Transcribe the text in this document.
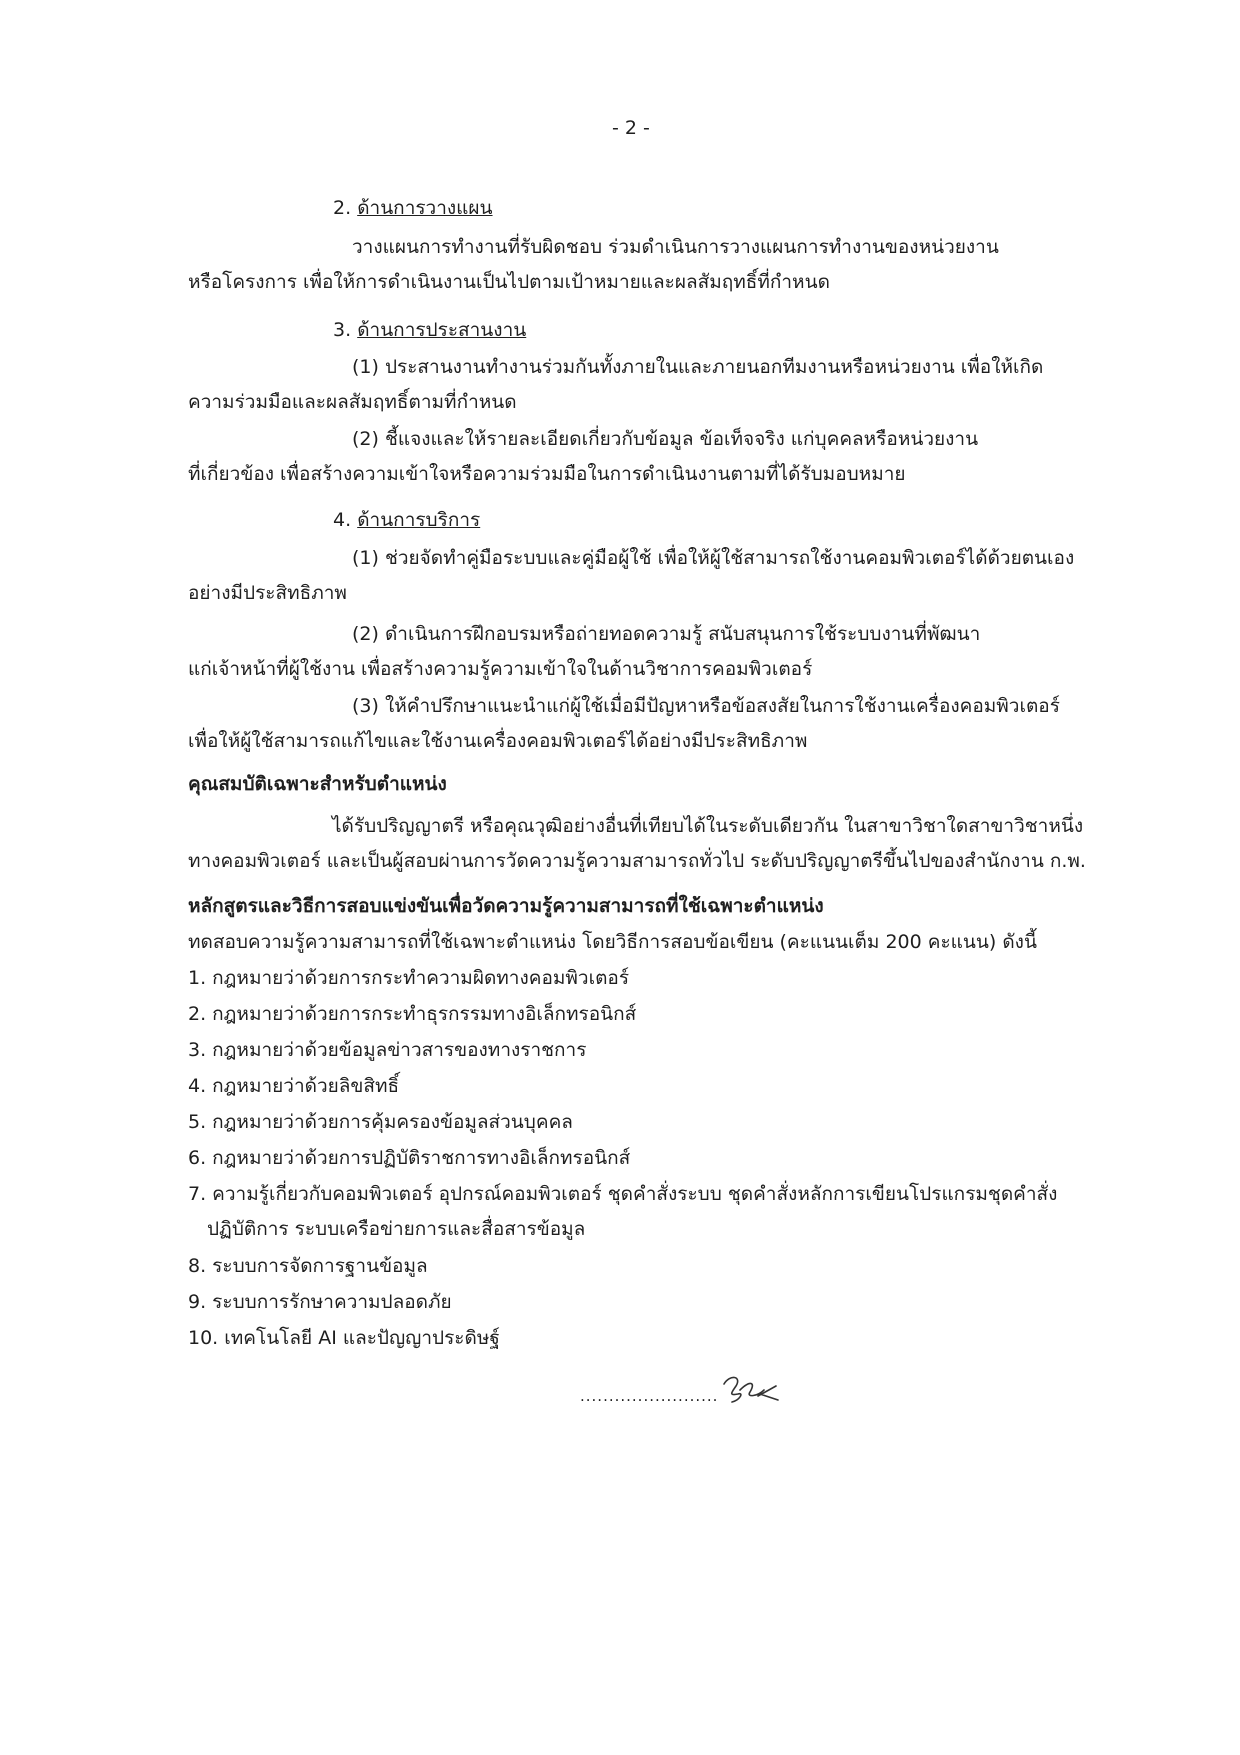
- 2 -
2. ด้านการวางแผน
วางแผนการทำงานที่รับผิดชอบ ร่วมดำเนินการวางแผนการทำงานของหน่วยงาน
หรือโครงการ เพื่อให้การดำเนินงานเป็นไปตามเป้าหมายและผลสัมฤทธิ์ที่กำหนด
3. ด้านการประสานงาน
(1) ประสานงานทำงานร่วมกันทั้งภายในและภายนอกทีมงานหรือหน่วยงาน เพื่อให้เกิด
ความร่วมมือและผลสัมฤทธิ์ตามที่กำหนด
(2) ชี้แจงและให้รายละเอียดเกี่ยวกับข้อมูล ข้อเท็จจริง แก่บุคคลหรือหน่วยงาน
ที่เกี่ยวข้อง เพื่อสร้างความเข้าใจหรือความร่วมมือในการดำเนินงานตามที่ได้รับมอบหมาย
4. ด้านการบริการ
(1) ช่วยจัดทำคู่มือระบบและคู่มือผู้ใช้ เพื่อให้ผู้ใช้สามารถใช้งานคอมพิวเตอร์ได้ด้วยตนเอง
อย่างมีประสิทธิภาพ
(2) ดำเนินการฝึกอบรมหรือถ่ายทอดความรู้ สนับสนุนการใช้ระบบงานที่พัฒนา
แก่เจ้าหน้าที่ผู้ใช้งาน เพื่อสร้างความรู้ความเข้าใจในด้านวิชาการคอมพิวเตอร์
(3) ให้คำปรึกษาแนะนำแก่ผู้ใช้เมื่อมีปัญหาหรือข้อสงสัยในการใช้งานเครื่องคอมพิวเตอร์
เพื่อให้ผู้ใช้สามารถแก้ไขและใช้งานเครื่องคอมพิวเตอร์ได้อย่างมีประสิทธิภาพ
คุณสมบัติเฉพาะสำหรับตำแหน่ง
ได้รับปริญญาตรี หรือคุณวุฒิอย่างอื่นที่เทียบได้ในระดับเดียวกัน ในสาขาวิชาใดสาขาวิชาหนึ่ง
ทางคอมพิวเตอร์ และเป็นผู้สอบผ่านการวัดความรู้ความสามารถทั่วไป ระดับปริญญาตรีขึ้นไปของสำนักงาน ก.พ.
หลักสูตรและวิธีการสอบแข่งขันเพื่อวัดความรู้ความสามารถที่ใช้เฉพาะตำแหน่ง
ทดสอบความรู้ความสามารถที่ใช้เฉพาะตำแหน่ง โดยวิธีการสอบข้อเขียน (คะแนนเต็ม 200 คะแนน) ดังนี้
1. กฎหมายว่าด้วยการกระทำความผิดทางคอมพิวเตอร์
2. กฎหมายว่าด้วยการกระทำธุรกรรมทางอิเล็กทรอนิกส์
3. กฎหมายว่าด้วยข้อมูลข่าวสารของทางราชการ
4. กฎหมายว่าด้วยลิขสิทธิ์
5. กฎหมายว่าด้วยการคุ้มครองข้อมูลส่วนบุคคล
6. กฎหมายว่าด้วยการปฏิบัติราชการทางอิเล็กทรอนิกส์
7. ความรู้เกี่ยวกับคอมพิวเตอร์ อุปกรณ์คอมพิวเตอร์ ชุดคำสั่งระบบ ชุดคำสั่งหลักการเขียนโปรแกรมชุดคำสั่ง
ปฏิบัติการ ระบบเครือข่ายการและสื่อสารข้อมูล
8. ระบบการจัดการฐานข้อมูล
9. ระบบการรักษาความปลอดภัย
10. เทคโนโลยี AI และปัญญาประดิษฐ์
........................
